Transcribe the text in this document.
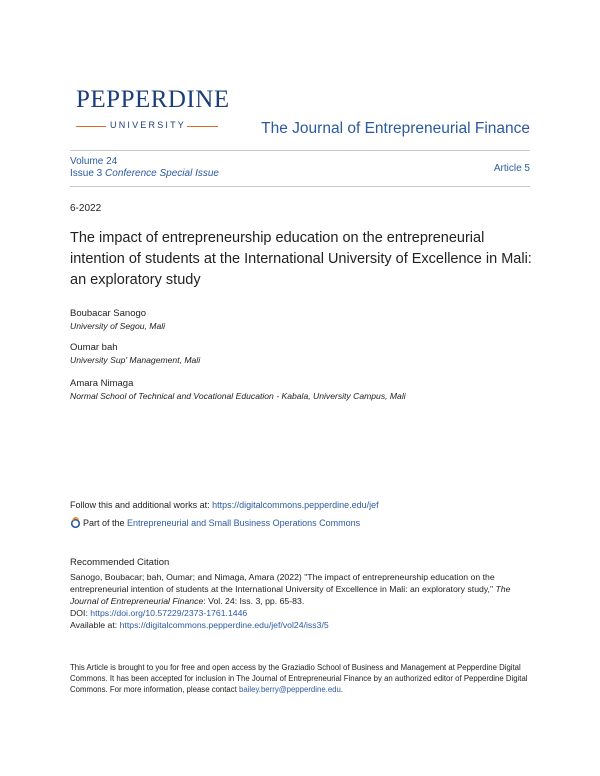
PEPPERDINE
UNIVERSITY	The Journal of Entrepreneurial Finance
Volume 24
Issue 3 Conference Special Issue	Article 5
6-2022
The impact of entrepreneurship education on the entrepreneurial intention of students at the International University of Excellence in Mali: an exploratory study
Boubacar Sanogo
University of Segou, Mali
Oumar bah
University Sup' Management, Mali
Amara Nimaga
Normal School of Technical and Vocational Education - Kabala, University Campus, Mali
Follow this and additional works at: https://digitalcommons.pepperdine.edu/jef
Part of the Entrepreneurial and Small Business Operations Commons
Recommended Citation
Sanogo, Boubacar; bah, Oumar; and Nimaga, Amara (2022) "The impact of entrepreneurship education on the entrepreneurial intention of students at the International University of Excellence in Mali: an exploratory study," The Journal of Entrepreneurial Finance: Vol. 24: Iss. 3, pp. 65-83.
DOI: https://doi.org/10.57229/2373-1761.1446
Available at: https://digitalcommons.pepperdine.edu/jef/vol24/iss3/5
This Article is brought to you for free and open access by the Graziadio School of Business and Management at Pepperdine Digital Commons. It has been accepted for inclusion in The Journal of Entrepreneurial Finance by an authorized editor of Pepperdine Digital Commons. For more information, please contact bailey.berry@pepperdine.edu.
